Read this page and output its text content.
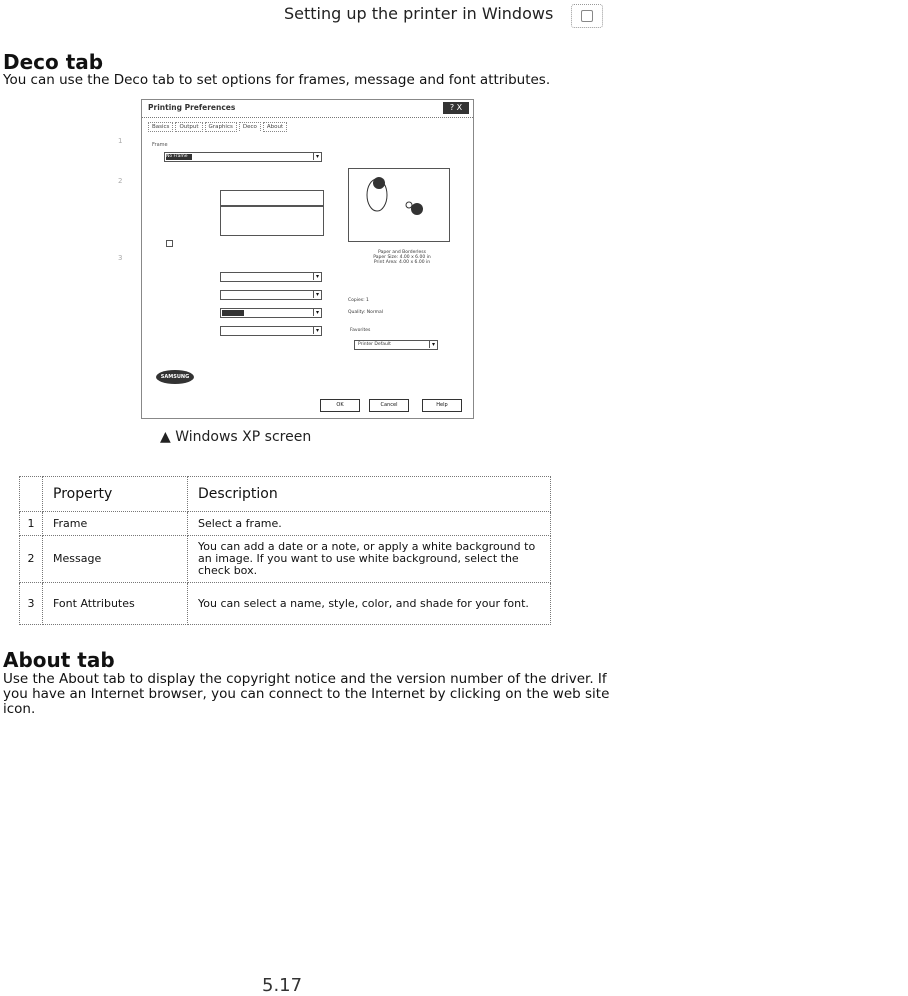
Setting up the printer in Windows
Deco tab
You can use the Deco tab to set options for frames, message and font attributes.
Printing Preferences	? X
Basics Output Graphics Deco About
Frame
No Frame
▾
▾
▾
▾
▾
Paper and Borderless
Paper Size: 4.00 x 6.00 in
Print Area: 4.00 x 6.00 in
Copies: 1
Quality: Normal
Favorites
Printer Default
▾
SAMSUNG
OK	Cancel	Help
1
2
3
▲ Windows XP screen
	Property	Description
1	Frame	Select a frame.
2	Message	You can add a date or a note, or apply a white background to an image. If you want to use white background, select the check box.
3	Font Attributes	You can select a name, style, color, and shade for your font.
About tab
Use the About tab to display the copyright notice and the version number of the driver. If you have an Internet browser, you can connect to the Internet by clicking on the web site icon.
5.17
